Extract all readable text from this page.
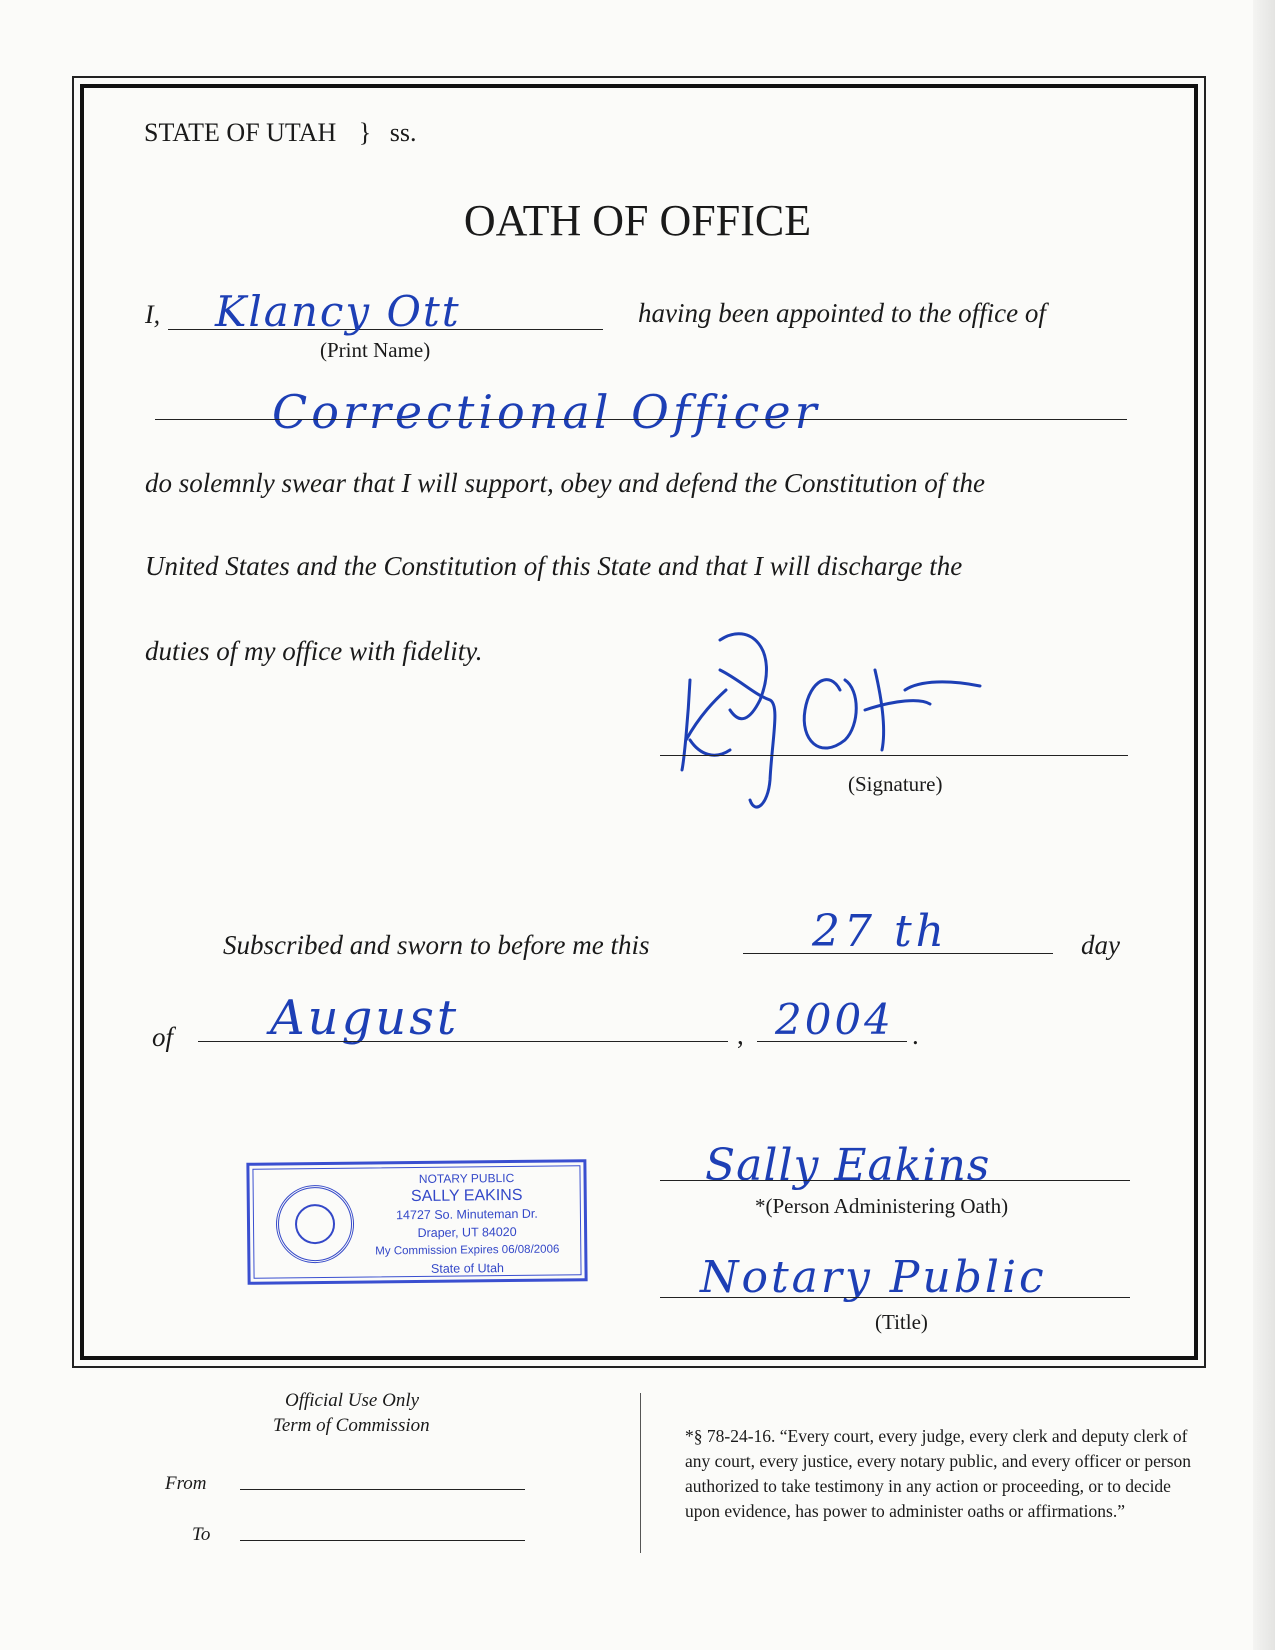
STATE OF UTAH } ss.
OATH OF OFFICE
I, Klancy Ott
(Print Name)
having been appointed to the office of
Correctional Officer
do solemnly swear that I will support, obey and defend the Constitution of the
United States and the Constitution of this State and that I will discharge the
duties of my office with fidelity.
(Signature)
Subscribed and sworn to before me this	27 th	day
of August	, 2004 .
NOTARY PUBLIC
SALLY EAKINS
14727 So. Minuteman Dr.
Draper, UT 84020
My Commission Expires 06/08/2006
State of Utah
Sally Eakins
*(Person Administering Oath)
Notary Public
(Title)
Official Use Only
Term of Commission
From
To
*§ 78-24-16. “Every court, every judge, every clerk and deputy clerk of any court, every justice, every notary public, and every officer or person authorized to take testimony in any action or proceeding, or to decide upon evidence, has power to administer oaths or affirmations.”
